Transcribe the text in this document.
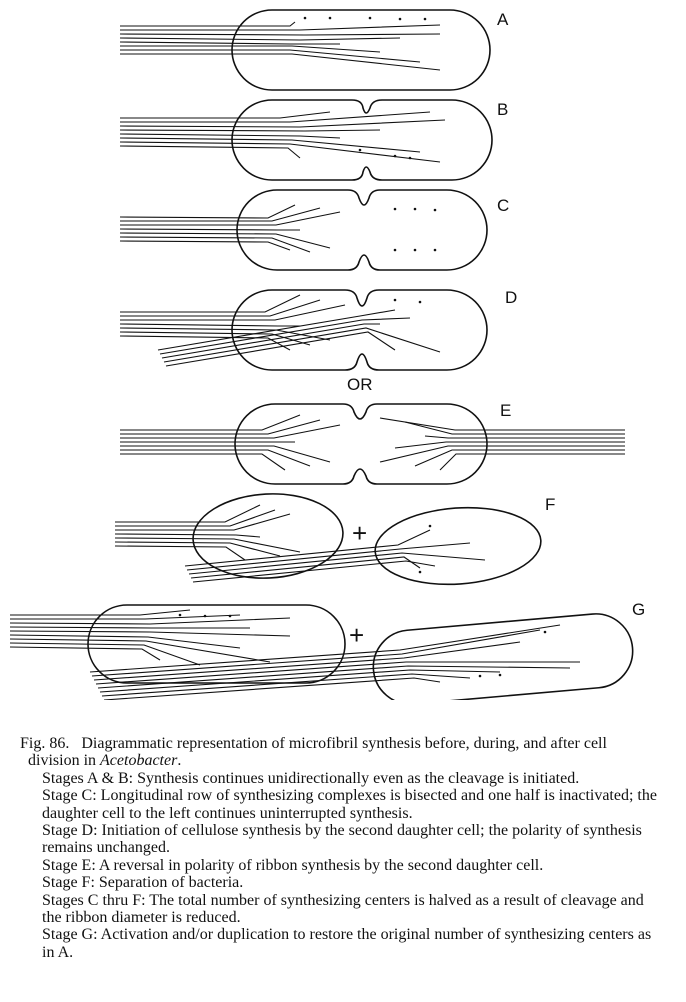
A
B
C
D
OR
E
+
F
+
G

Fig. 86. Diagrammatic representation of microfibril synthesis before, during, and after cell division in Acetobacter.

Stages A & B: Synthesis continues unidirectionally even as the cleavage is initiated.

Stage C: Longitudinal row of synthesizing complexes is bisected and one half is inactivated; the daughter cell to the left continues uninterrupted synthesis.

Stage D: Initiation of cellulose synthesis by the second daughter cell; the polarity of synthesis remains unchanged.

Stage E: A reversal in polarity of ribbon synthesis by the second daughter cell.

Stage F: Separation of bacteria.

Stages C thru F: The total number of synthesizing centers is halved as a result of cleavage and the ribbon diameter is reduced.

Stage G: Activation and/or duplication to restore the original number of synthesizing centers as in A.
